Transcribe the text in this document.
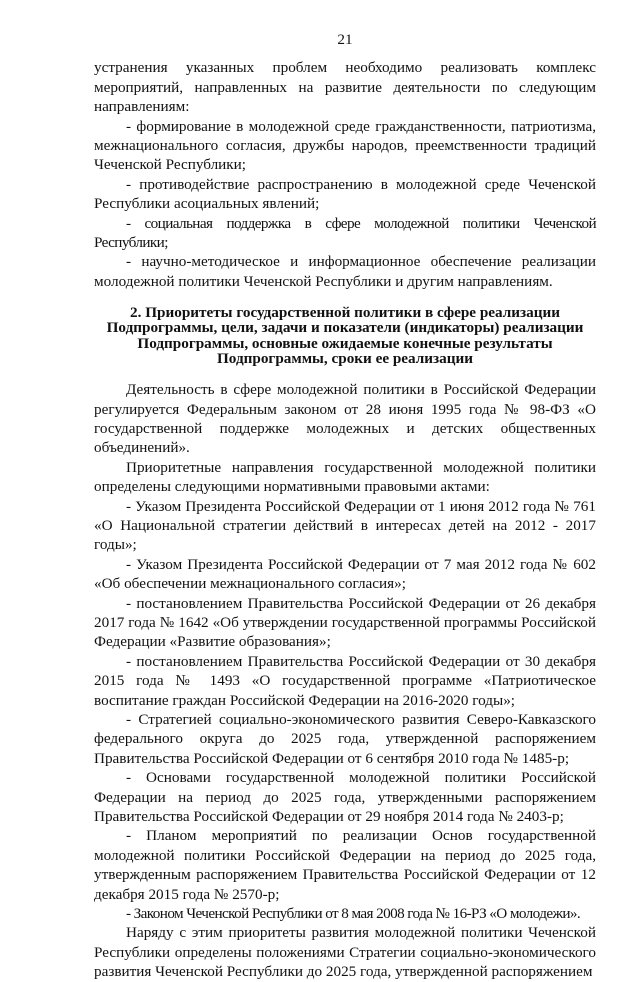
21

устранения указанных проблем необходимо реализовать комплекс мероприятий, направленных на развитие деятельности по следующим направлениям:

- формирование в молодежной среде гражданственности, патриотизма, межнационального согласия, дружбы народов, преемственности традиций Чеченской Республики;

- противодействие распространению в молодежной среде Чеченской Республики асоциальных явлений;

- социальная поддержка в сфере молодежной политики Чеченской Республики;

- научно-методическое и информационное обеспечение реализации молодежной политики Чеченской Республики и другим направлениям.

2. Приоритеты государственной политики в сфере реализации
Подпрограммы, цели, задачи и показатели (индикаторы) реализации
Подпрограммы, основные ожидаемые конечные результаты
Подпрограммы, сроки ее реализации

Деятельность в сфере молодежной политики в Российской Федерации регулируется Федеральным законом от 28 июня 1995 года № 98-ФЗ «О государственной поддержке молодежных и детских общественных объединений».

Приоритетные направления государственной молодежной политики определены следующими нормативными правовыми актами:

- Указом Президента Российской Федерации от 1 июня 2012 года № 761 «О Национальной стратегии действий в интересах детей на 2012 - 2017 годы»;

- Указом Президента Российской Федерации от 7 мая 2012 года № 602 «Об обеспечении межнационального согласия»;

- постановлением Правительства Российской Федерации от 26 декабря 2017 года № 1642 «Об утверждении государственной программы Российской Федерации «Развитие образования»;

- постановлением Правительства Российской Федерации от 30 декабря 2015 года № 1493 «О государственной программе «Патриотическое воспитание граждан Российской Федерации на 2016-2020 годы»;

- Стратегией социально-экономического развития Северо-Кавказского федерального округа до 2025 года, утвержденной распоряжением Правительства Российской Федерации от 6 сентября 2010 года № 1485-р;

- Основами государственной молодежной политики Российской Федерации на период до 2025 года, утвержденными распоряжением Правительства Российской Федерации от 29 ноября 2014 года № 2403-р;

- Планом мероприятий по реализации Основ государственной молодежной политики Российской Федерации на период до 2025 года, утвержденным распоряжением Правительства Российской Федерации от 12 декабря 2015 года № 2570-р;

- Законом Чеченской Республики от 8 мая 2008 года № 16-РЗ «О молодежи».

Наряду с этим приоритеты развития молодежной политики Чеченской Республики определены положениями Стратегии социально-экономического развития Чеченской Республики до 2025 года, утвержденной распоряжением
